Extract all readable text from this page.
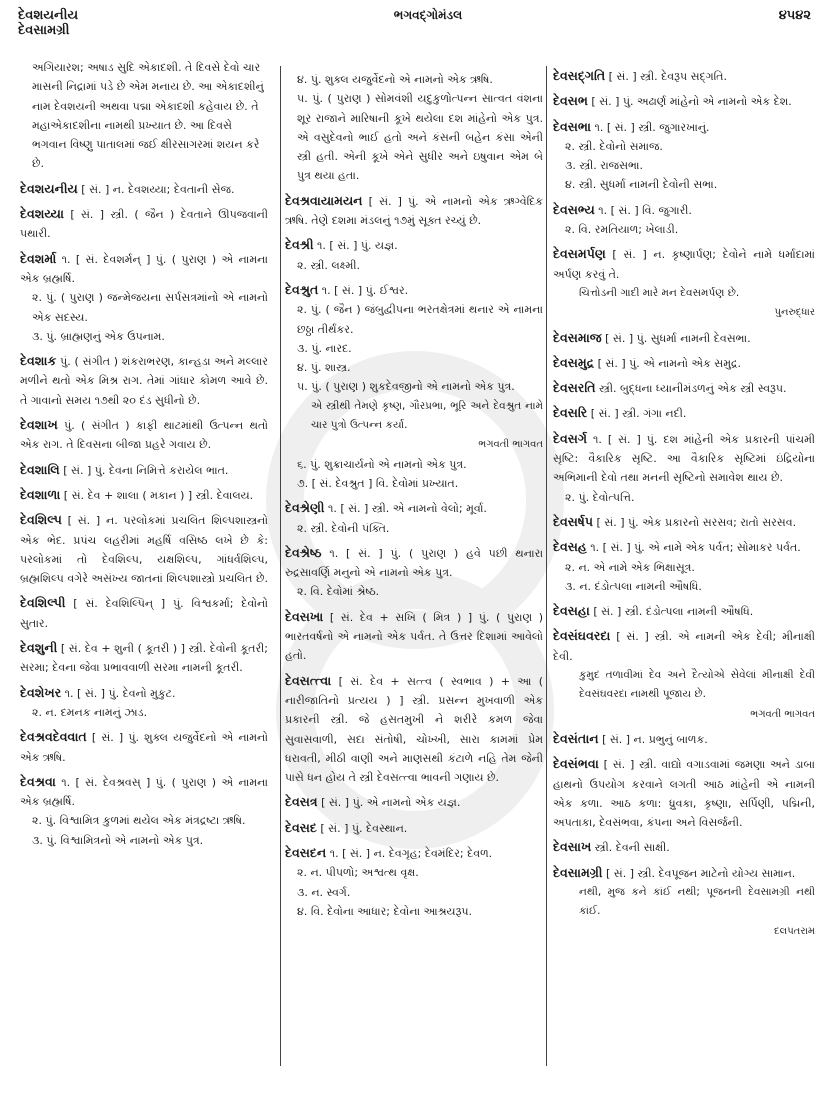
દેવશયનીય
દેવસામગ્રી
ભગવદ્ગોમંડલ	૪૫૪૨
અગિયારશ; અષાડ સુદિ એકાદશી. તે દિવસે દેવો ચાર માસની નિદ્રામાં પડે છે એમ મનાય છે. આ એકાદશીનું નામ દેવશયની અથવા પદ્મા એકાદશી કહેવાય છે. તે મહાએકાદશીના નામથી પ્રખ્યાત છે. આ દિવસે ભગવાન વિષ્ણુ પાતાલમાં જઈ ક્ષીરસાગરમાં શયન કરે છે.
દેવશયનીય [ સં. ] ન. દેવશય્યા; દેવતાની સેજ.
દેવશય્યા [ સં. ] સ્ત્રી. ( જૈન ) દેવતાને ઊપજવાની પથારી.
દેવશર્મા ૧. [ સં. દેવશર્મન્ ] પું. ( પુરાણ ) એ નામના એક બ્રહ્મર્ષિ.
૨. પું. ( પુરાણ ) જન્મેજયના સર્પસત્રમાંનો એ નામનો એક સદસ્ય.
૩. પું. બ્રાહ્મણનું એક ઉપનામ.
દેવશાક પું. ( સંગીત ) શંકરાભરણ, કાન્હડા અને મલ્લાર મળીને થતો એક મિશ્ર રાગ. તેમાં ગાંધાર કોમળ આવે છે. તે ગાવાનો સમય ૧૭થી ૨૦ દંડ સુધીનો છે.
દેવશાખ પું. ( સંગીત ) કાફી થાટમાંથી ઉત્પન્ન થતો એક રાગ. તે દિવસના બીજા પ્રહરે ગવાય છે.
દેવશાલિ [ સં. ] પું. દેવના નિમિત્તે કરાયેલ ભાત.
દેવશાળા [ સં. દેવ + શાલા ( મકાન ) ] સ્ત્રી. દેવાલય.
દેવશિલ્પ [ સં. ] ન. પરલોકમાં પ્રચલિત શિલ્પશાસ્ત્રનો એક ભેદ. પ્રપંચ લહરીમાં મહર્ષિ વસિષ્ઠ લખે છે કે: પરલોકમાં તો દેવશિલ્પ, યક્ષશિલ્પ, ગાંધર્વશિલ્પ, બ્રહ્મશિલ્પ વગેરે અસંખ્ય જાતનાં શિલ્પશાસ્ત્રો પ્રચલિત છે.
દેવશિલ્પી [ સં. દેવશિલ્પિન્ ] પું. વિશ્વકર્મા; દેવોનો સુતાર.
દેવશુની [ સં. દેવ + શુની ( કૂતરી ) ] સ્ત્રી. દેવોની કૂતરી; સરમા; દેવના જેવા પ્રભાવવાળી સરમા નામની કૂતરી.
દેવશેખર ૧. [ સં. ] પું. દેવનો મુકુટ.
૨. ન. દમનક નામનું ઝાડ.
દેવશ્રવદેવવાત [ સં. ] પું. શુક્લ યજુર્વેદનો એ નામનો એક ઋષિ.
દેવશ્રવા ૧. [ સં. દેવશ્રવસ્ ] પું. ( પુરાણ ) એ નામના એક બ્રહ્મર્ષિ.
૨. પું. વિશ્વામિત્ર કુળમાં થયેલ એક મંત્રદ્રષ્ટા ઋષિ.
૩. પું. વિશ્વામિત્રનો એ નામનો એક પુત્ર.
૪. પું. શુક્લ યજુર્વેદનો એ નામનો એક ઋષિ.
૫. પું. ( પુરાણ ) સોમવંશી યદુકુળોત્પન્ન સાત્વત વંશના શૂર રાજાને મારિષાની કૂખે થયેલા દશ માંહેનો એક પુત્ર. એ વસુદેવનો ભાઈ હતો અને કંસની બહેન કંસા એની સ્ત્રી હતી. એની કૂખે એને સુધીર અને ઇષુવાન એમ બે પુત્ર થયા હતા.
દેવશ્રવાયામયન [ સં. ] પું. એ નામનો એક ઋગ્વેદિક ઋષિ. તેણે દશમા મંડલનું ૧૭મું સૂક્ત રચ્યું છે.
દેવશ્રી ૧. [ સં. ] પું. યજ્ઞ.
૨. સ્ત્રી. લક્ષ્મી.
દેવશ્રુત ૧. [ સં. ] પું. ઈશ્વર.
૨. પું. ( જૈન ) જંબુદ્વીપના ભરતક્ષેત્રમાં થનાર એ નામના છઠ્ઠા તીર્થંકર.
૩. પું. નારદ.
૪. પું. શાસ્ત્ર.
૫. પું. ( પુરાણ ) શુકદેવજીનો એ નામનો એક પુત્ર.
એ સ્ત્રીથી તેમણે કૃષ્ણ, ગૌરપ્રભા, ભૂરિ અને દેવશ્રુત નામે ચાર પુત્રો ઉત્પન્ન કર્યા.
ભગવતી ભાગવત
૬. પું. શુક્રાચાર્યનો એ નામનો એક પુત્ર.
૭. [ સં. દેવશ્રુત ] વિ. દેવોમાં પ્રખ્યાત.
દેવશ્રેણી ૧. [ સં. ] સ્ત્રી. એ નામનો વેલો; મૂર્વા.
૨. સ્ત્રી. દેવોની પંક્તિ.
દેવશ્રેષ્ઠ ૧. [ સં. ] પું. ( પુરાણ ) હવે પછી થનારા રુદ્રસાવર્ણિ મનુનો એ નામનો એક પુત્ર.
૨. વિ. દેવોમાં શ્રેષ્ઠ.
દેવસખા [ સં. દેવ + સખિ ( મિત્ર ) ] પું. ( પુરાણ ) ભારતવર્ષનો એ નામનો એક પર્વત. તે ઉત્તર દિશામાં આવેલો હતો.
દેવસત્ત્વા [ સં. દેવ + સત્ત્વ ( સ્વભાવ ) + આ ( નારીજાતિનો પ્રત્યય ) ] સ્ત્રી. પ્રસન્ન મુખવાળી એક પ્રકારની સ્ત્રી. જે હસતમુખી ને શરીરે કમળ જેવા સુવાસવાળી, સદા સંતોષી, ચોખ્ખી, સારા કામમાં પ્રેમ ધરાવતી, મીઠી વાણી અને માણસથી કંટાળે નહિ તેમ જેની પાસે ધન હોય તે સ્ત્રી દેવસત્ત્વા ભાવની ગણાય છે.
દેવસત્ર [ સં. ] પું. એ નામનો એક યજ્ઞ.
દેવસદ [ સં. ] પું. દેવસ્થાન.
દેવસદન ૧. [ સં. ] ન. દેવગૃહ; દેવમંદિર; દેવળ.
૨. ન. પીપળો; અશ્વત્થ વૃક્ષ.
૩. ન. સ્વર્ગ.
૪. વિ. દેવોના આધાર; દેવોના આશ્રયરૂપ.
દેવસદ્ગતિ [ સં. ] સ્ત્રી. દેવરૂપ સદ્ગતિ.
દેવસભ [ સં. ] પું. અઢાર્ણ માંહેનો એ નામનો એક દેશ.
દેવસભા ૧. [ સં. ] સ્ત્રી. જુગારખાનું.
૨. સ્ત્રી. દેવોનો સમાજ.
૩. સ્ત્રી. રાજસભા.
૪. સ્ત્રી. સુધર્મા નામની દેવોની સભા.
દેવસભ્ય ૧. [ સં. ] વિ. જુગારી.
૨. વિ. રમતિયાળ; ખેલાડી.
દેવસમર્પણ [ સં. ] ન. કૃષ્ણાર્પણ; દેવોને નામે ધર્માદામાં અર્પણ કરવું તે.
ચિત્તોડની ગાદી મારે મન દેવસમર્પણ છે.
પુનરુદ્ધાર
દેવસમાજ [ સં. ] પું. સુધર્મા નામની દેવસભા.
દેવસમુદ્ર [ સં. ] પું. એ નામનો એક સમુદ્ર.
દેવસરતિ સ્ત્રી. બુદ્ધના ધ્યાનીમંડળનું એક સ્ત્રી સ્વરૂપ.
દેવસરિ [ સં. ] સ્ત્રી. ગંગા નદી.
દેવસર્ગ ૧. [ સં. ] પું. દશ માંહેની એક પ્રકારની પાંચમી સૃષ્ટિ: વૈકારિક સૃષ્ટિ. આ વૈકારિક સૃષ્ટિમાં ઇંદ્રિયોના અભિમાની દેવો તથા મનની સૃષ્ટિનો સમાવેશ થાય છે.
૨. પું. દેવોત્પત્તિ.
દેવસર્ષપ [ સં. ] પું. એક પ્રકારનો સરસવ; રાતો સરસવ.
દેવસહ ૧. [ સં. ] પું. એ નામે એક પર્વત; સોમાકર પર્વત.
૨. ન. એ નામે એક ભિક્ષાસૂત્ર.
૩. ન. દંડોત્પલા નામની ઔષધિ.
દેવસહા [ સં. ] સ્ત્રી. દંડોત્પલા નામની ઔષધિ.
દેવસંઘવરદા [ સં. ] સ્ત્રી. એ નામની એક દેવી; મીનાક્ષી દેવી.
કુમુદ તળાવીમાં દેવ અને દૈત્યોએ સેવેલાં મીનાક્ષી દેવી દેવસંઘવરદા નામથી પૂજાય છે.
ભગવતી ભાગવત
દેવસંતાન [ સં. ] ન. પ્રભુનું બાળક.
દેવસંભવા [ સં. ] સ્ત્રી. વાદ્યો વગાડવામાં જમણા અને ડાબા હાથનો ઉપયોગ કરવાને લગતી આઠ માંહેની એ નામની એક કળા. આઠ કળા: ધ્રુવકા, કૃષ્ણા, સર્પિણી, પદ્મિની, અપતાકા, દેવસંભવા, કંપના અને વિસર્જની.
દેવસાખ સ્ત્રી. દેવની સાક્ષી.
દેવસામગ્રી [ સં. ] સ્ત્રી. દેવપૂજન માટેનો યોગ્ય સામાન.
નથી, મુજ કને કાંઈ નથી; પૂજનની દેવસામગ્રી નથી કાંઈ.
દલપતરામ
